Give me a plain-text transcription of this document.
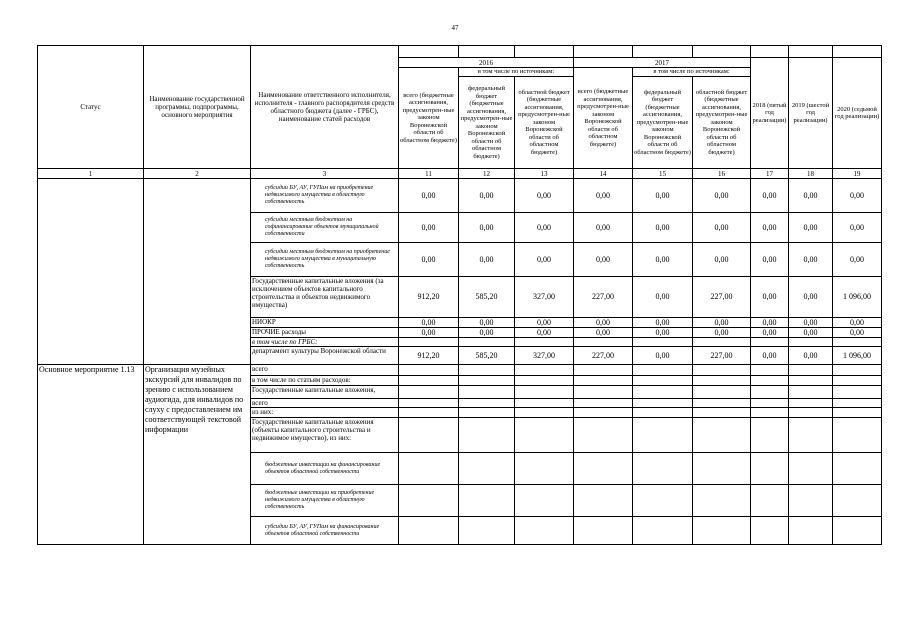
47
Статус	Наименование государственной программы, подпрограммы, основного мероприятия	Наименование ответственного исполнителя, исполнителя - главного распорядителя средств областного бюджета (далее - ГРБС), наименование статей расходов									
			2016			2017			2018 (пятый год реализации)	2019 (шестой год реализации)	2020 (седьмой год реализации)
			всего (бюджетные ассигнования, предусмотрен-ные законом Воронежской области об областном бюджете)	в том числе по источникам:		всего (бюджетные ассигнования, предусмотрен-ные законом Воронежской области об областном бюджете)	в том числе по источникам:				
				федеральный бюджет (бюджетные ассигнования, предусмотрен-ные законом Воронежской области об областном бюджете)	областной бюджет (бюджетные ассигнования, предусмотрен-ные законом Воронежской области об областном бюджете)		федеральный бюджет (бюджетные ассигнования, предусмотрен-ные законом Воронежской области об областном бюджете)	областной бюджет (бюджетные ассигнования, предусмотрен-ные законом Воронежской области об областном бюджете)			
1	2	3	11	12	13	14	15	16	17	18	19
		субсидии БУ, АУ, ГУПам на приобретение недвижимого имущества в областную собственность	0,00	0,00	0,00	0,00	0,00	0,00	0,00	0,00	0,00
		субсидии местным бюджетам на софинансирование объектов муниципальной собственности	0,00	0,00	0,00	0,00	0,00	0,00	0,00	0,00	0,00
		субсидии местным бюджетам на приобретение недвижимого имущества в муниципальную собственность	0,00	0,00	0,00	0,00	0,00	0,00	0,00	0,00	0,00
		Государственные капитальные вложения (за исключением объектов капитального строительства и объектов недвижимого имущества)	912,20	585,20	327,00	227,00	0,00	227,00	0,00	0,00	1 096,00
		НИОКР	0,00	0,00	0,00	0,00	0,00	0,00	0,00	0,00	0,00
		ПРОЧИЕ расходы	0,00	0,00	0,00	0,00	0,00	0,00	0,00	0,00	0,00
		в том числе по ГРБС:									
		департамент культуры Воронежской области	912,20	585,20	327,00	227,00	0,00	227,00	0,00	0,00	1 096,00
Основное мероприятие 1.13	Организация музейных экскурсий для инвалидов по зрению с использованием аудиогида, для инвалидов по слуху с предоставлением им соответствующей текстовой информации	всего									
		в том числе по статьям расходов:									
		Государственные капитальные вложения,									
		всего									
		из них:									
		Государственные капитальные вложения (объекты капитального строительства и недвижимое имущество), из них:									
		бюджетные инвестиции на финансирование объектов областной собственности									
		бюджетные инвестиции на приобретение недвижимого имущества в областную собственность									
		субсидии БУ, АУ, ГУПам на финансирование объектов областной собственности									
